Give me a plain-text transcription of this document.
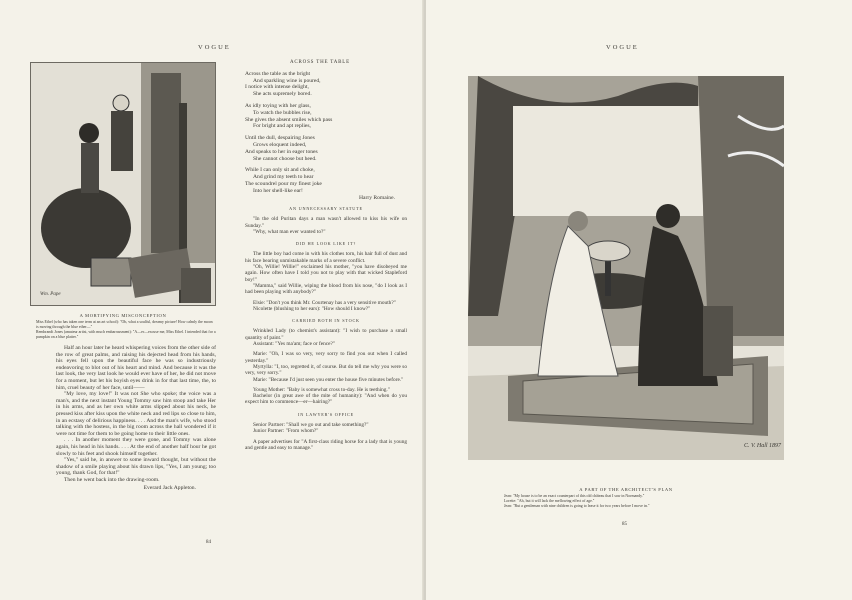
VOGUE
Wm. Pape
A MORTIFYING MISCONCEPTION
Miss Ethel (who has taken one term at an art school): "Oh, what a soulful, dreamy picture! How calmly the moon is moving through the blue ether—"
Rembrandt Jones (amateur artist, with much embarrassment): "A—er—excuse me, Miss Ethel. I intended that for a pumpkin on a blue platter."

Half an hour later he heard whispering voices from the other side of the row of great palms, and raising his dejected head from his hands, his eyes fell upon the beautiful face he was so industriously endeavoring to blot out of his heart and mind. And because it was the last look, the very last look he would ever have of her, he did not move for a moment, but let his boyish eyes drink in for that last time, the, to him, cruel beauty of her face, until——

"My love, my love!" It was not She who spoke; the voice was a man's, and the next instant Young Tommy saw him stoop and take Her in his arms, and as her own white arms slipped about his neck, he pressed kiss after kiss upon the white neck and red lips so close to him, in an ecstasy of delirious happiness. . . . And the man's wife, who stood talking with the hostess, in the big room across the hall wondered if it were not time for them to be going home to their little ones.

. . . In another moment they were gone, and Tommy was alone again, his head in his hands. . . . At the end of another half hour he got slowly to his feet and shook himself together.

"Yes," said he, in answer to some inward thought, but without the shadow of a smile playing about his drawn lips, "Yes, I am young; too young, thank God, for that!"

Then he went back into the drawing-room.

Everard Jack Appleton.
ACROSS THE TABLE
Across the table as the bright
And sparkling wine is poured,
I notice with intense delight,
She acts supremely bored.
As idly toying with her glass,
To watch the bubbles rise,
She gives the absent smiles which pass
For bright and apt replies,
Until the dull, despairing Jones
Grows eloquent indeed,
And speaks to her in eager tones
She cannot choose but heed.
While I can only sit and choke,
And grind my teeth to hear
The scoundrel pour my finest joke
Into her shell-like ear!
Harry Romaine.
AN UNNECESSARY STATUTE

"In the old Puritan days a man wasn't allowed to kiss his wife on Sunday."

"Why, what man ever wanted to?"

DID HE LOOK LIKE IT?

The little boy had come in with his clothes torn, his hair full of dust and his face bearing unmistakable marks of a severe conflict.

"Oh, Willie! Willie!" exclaimed his mother, "you have disobeyed me again. How often have I told you not to play with that wicked Stapleford boy!"

"Mamma," said Willie, wiping the blood from his nose, "do I look as I had been playing with anybody?"

Elsie: "Don't you think Mr. Courtenay has a very sensitive mouth?"

Nicolette (blushing to her ears): "How should I know?"

CARRIED BOTH IN STOCK

Wrinkled Lady (to chemist's assistant): "I wish to purchase a small quantity of paint."

Assistant: "Yes ma'am; face or fence?"

Marie: "Oh, I was so very, very sorry to find you out when I called yesterday."

Myrtylla: "I, too, regretted it, of course. But do tell me why you were so very, very sorry."

Marie: "Because I'd just seen you enter the house five minutes before."

Young Mother: "Baby is somewhat cross to-day. He is teething."

Bachelor (in great awe of the mite of humanity): "And when do you expect him to commence—er—hairing?"

IN LAWYER'S OFFICE

Senior Partner: "Shall we go out and take something?"

Junior Partner: "From whom?"

A paper advertises for "A first-class riding horse for a lady that is young and gentle and easy to manage."

84
VOGUE
C. V. Hall 1897
A PART OF THE ARCHITECT'S PLAN
Jean: "My house is to be an exact counterpart of this old château that I saw in Normandy."
Lorette: "Ah, but it will lack the mellowing effect of age."
Jean: "But a gentleman with nine children is going to lease it for two years before I move in."
85
